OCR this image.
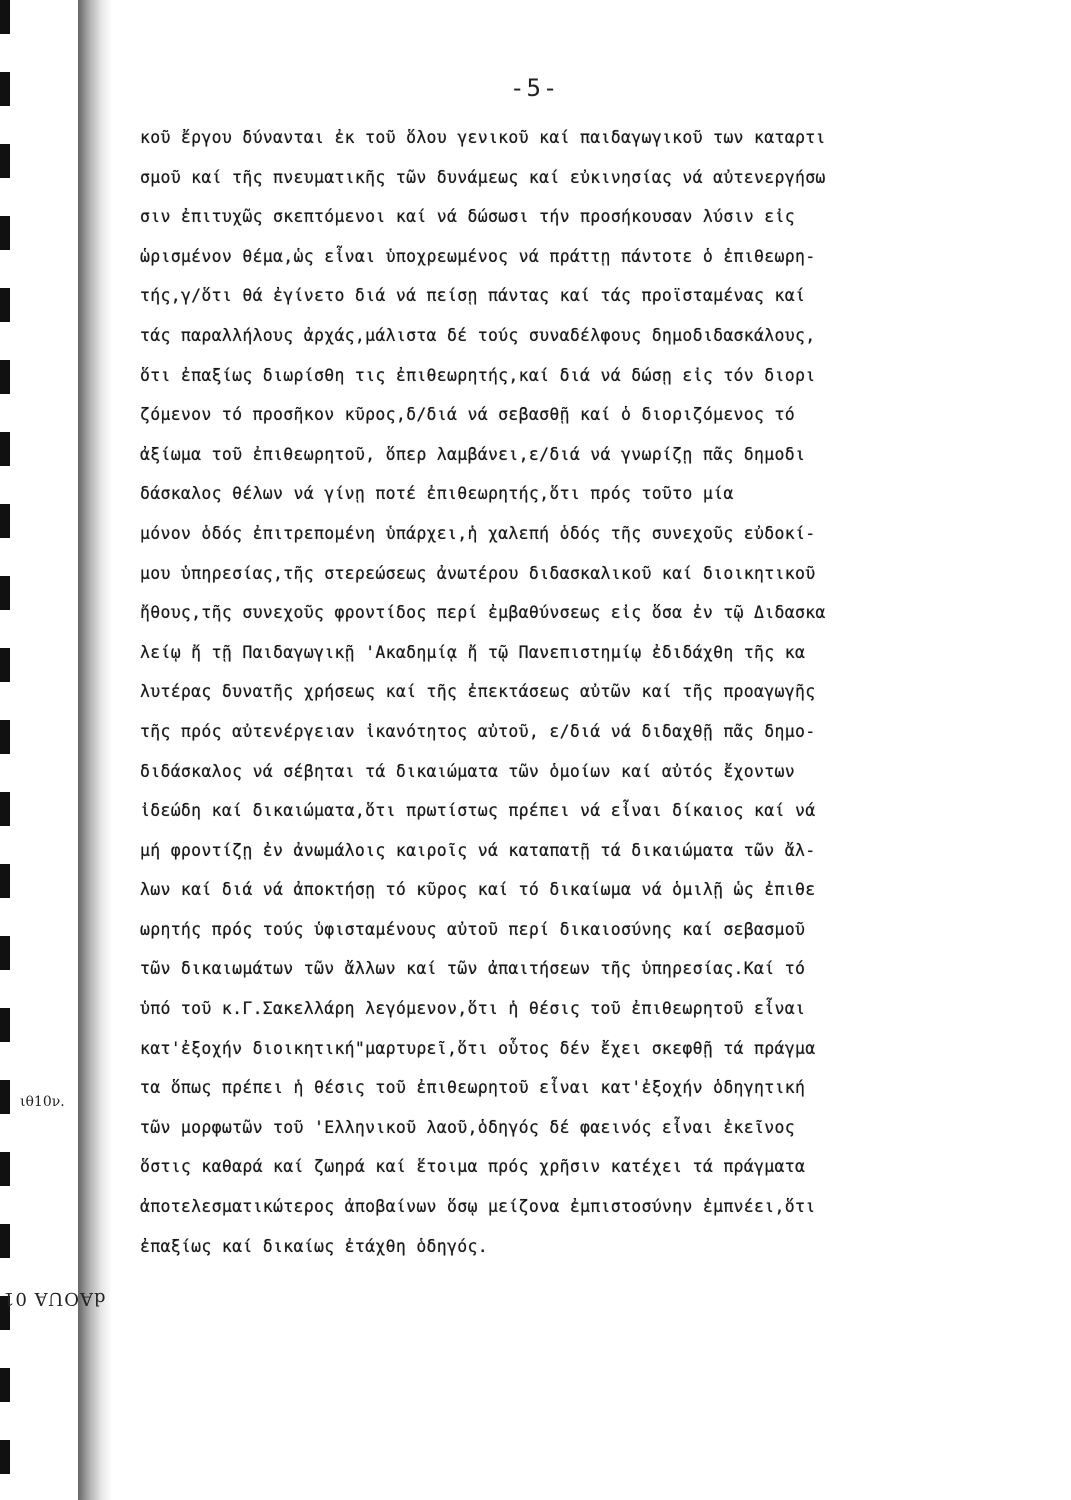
-5-
ιθ10ν.
dAOUA 01
κοῦ ἔργου δύνανται ἐκ τοῦ ὅλου γενικοῦ καί παιδαγωγικοῦ των καταρτι
σμοῦ καί τῆς πνευματικῆς τῶν δυνάμεως καί εὐκινησίας νά αὐτενεργήσω
σιν ἐπιτυχῶς σκεπτόμενοι καί νά δώσωσι τήν προσήκουσαν λύσιν εἰς
ὡρισμένον θέμα,ὡς εἶναι ὑποχρεωμένος νά πράττῃ πάντοτε ὁ ἐπιθεωρη-
τής,γ/ὅτι θά ἐγίνετο διά νά πείσῃ πάντας καί τάς προϊσταμένας καί
τάς παραλλήλους ἀρχάς,μάλιστα δέ τούς συναδέλφους δημοδιδασκάλους,
ὅτι ἐπαξίως διωρίσθη τις ἐπιθεωρητής,καί διά νά δώσῃ εἰς τόν διορι
ζόμενον τό προσῆκον κῦρος,δ/διά νά σεβασθῇ καί ὁ διοριζόμενος τό
ἀξίωμα τοῦ ἐπιθεωρητοῦ, ὅπερ λαμβάνει,ε/διά νά γνωρίζῃ πᾶς δημοδι
δάσκαλος θέλων νά γίνῃ ποτέ ἐπιθεωρητής,ὅτι πρός τοῦτο μία
μόνον ὁδός ἐπιτρεπομένη ὑπάρχει,ἡ χαλεπή ὁδός τῆς συνεχοῦς εὐδοκί-
μου ὑπηρεσίας,τῆς στερεώσεως ἀνωτέρου διδασκαλικοῦ καί διοικητικοῦ
ἤθους,τῆς συνεχοῦς φροντίδος περί ἐμβαθύνσεως εἰς ὅσα ἐν τῷ Διδασκα
λείῳ ἤ τῇ Παιδαγωγικῇ 'Ακαδημίᾳ ἤ τῷ Πανεπιστημίῳ ἐδιδάχθη τῆς κα
λυτέρας δυνατῆς χρήσεως καί τῆς ἐπεκτάσεως αὐτῶν καί τῆς προαγωγῆς
τῆς πρός αὐτενέργειαν ἱκανότητος αὐτοῦ, ε/διά νά διδαχθῇ πᾶς δημο-
διδάσκαλος νά σέβηται τά δικαιώματα τῶν ὁμοίων καί αὐτός ἔχοντων
ἰδεώδη καί δικαιώματα,ὅτι πρωτίστως πρέπει νά εἶναι δίκαιος καί νά
μή φροντίζῃ ἐν ἀνωμάλοις καιροῖς νά καταπατῇ τά δικαιώματα τῶν ἄλ-
λων καί διά νά ἀποκτήσῃ τό κῦρος καί τό δικαίωμα νά ὁμιλῇ ὡς ἐπιθε
ωρητής πρός τούς ὑφισταμένους αὐτοῦ περί δικαιοσύνης καί σεβασμοῦ
τῶν δικαιωμάτων τῶν ἄλλων καί τῶν ἀπαιτήσεων τῆς ὑπηρεσίας.Καί τό
ὑπό τοῦ κ.Γ.Σακελλάρη λεγόμενον,ὅτι ἡ θέσις τοῦ ἐπιθεωρητοῦ εἶναι
κατ'ἐξοχήν διοικητική"μαρτυρεῖ,ὅτι οὗτος δέν ἔχει σκεφθῇ τά πράγμα
τα ὅπως πρέπει ἡ θέσις τοῦ ἐπιθεωρητοῦ εἶναι κατ'ἐξοχήν ὁδηγητική
τῶν μορφωτῶν τοῦ 'Ελληνικοῦ λαοῦ,ὁδηγός δέ φαεινός εἶναι ἐκεῖνος
ὅστις καθαρά καί ζωηρά καί ἕτοιμα πρός χρῆσιν κατέχει τά πράγματα
ἀποτελεσματικώτερος ἀποβαίνων ὅσῳ μείζονα ἐμπιστοσύνην ἐμπνέει,ὅτι
ἐπαξίως καί δικαίως ἐτάχθη ὁδηγός.
